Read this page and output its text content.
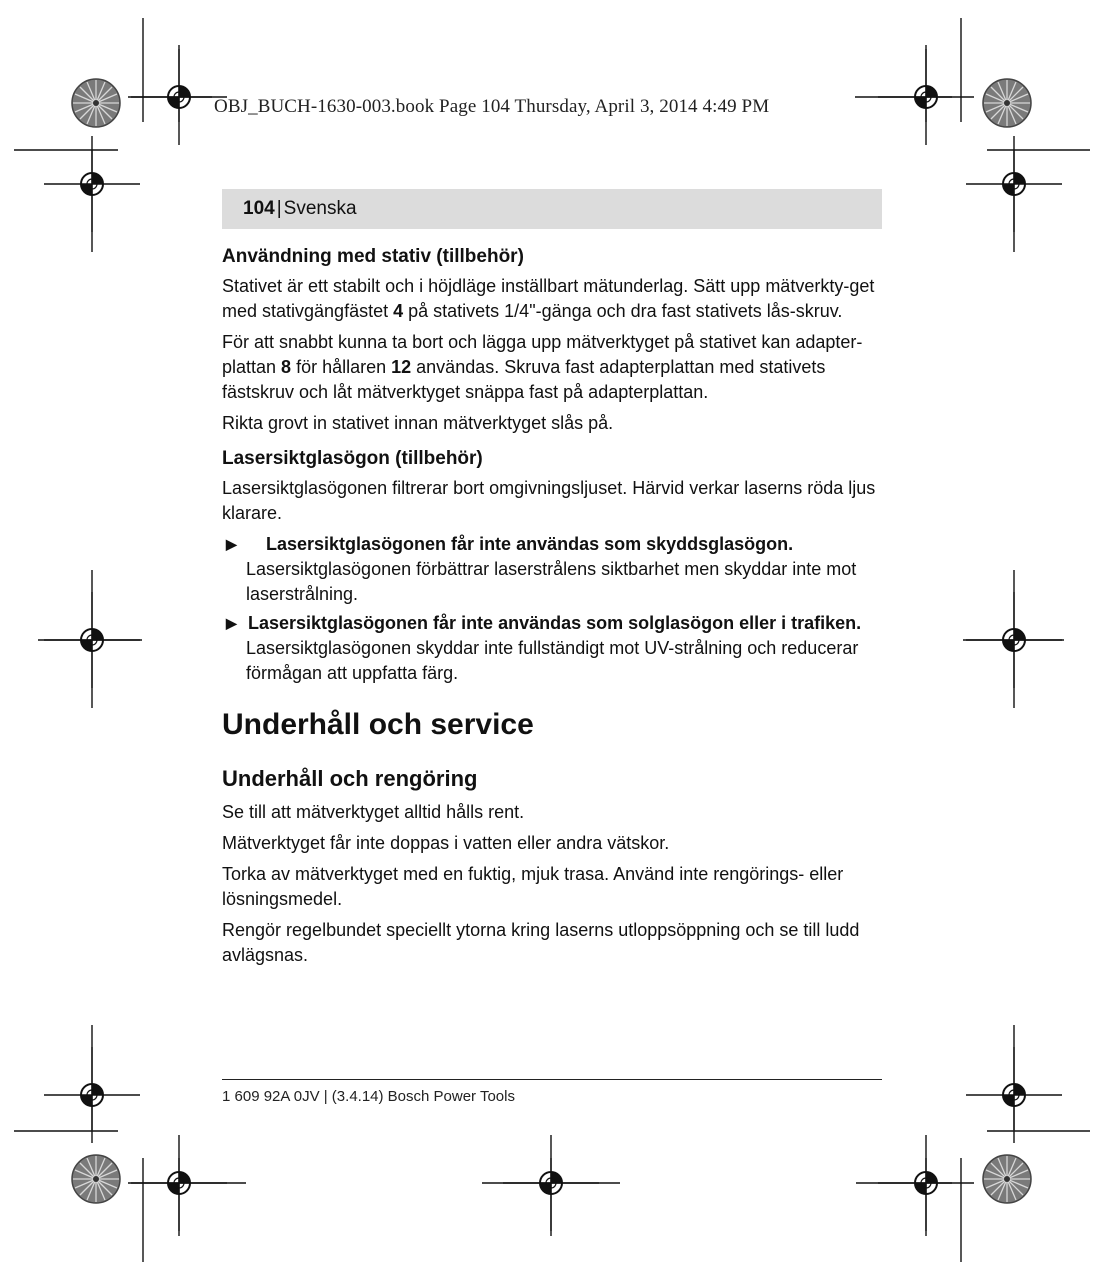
OBJ_BUCH-1630-003.book Page 104 Thursday, April 3, 2014 4:49 PM
104 | Svenska
Användning med stativ (tillbehör)

Stativet är ett stabilt och i höjdläge inställbart mätunderlag. Sätt upp mätverkty-get med stativgängfästet 4 på stativets 1/4"-gänga och dra fast stativets lås-skruv.

För att snabbt kunna ta bort och lägga upp mätverktyget på stativet kan adapter-plattan 8 för hållaren 12 användas. Skruva fast adapterplattan med stativets fästskruv och låt mätverktyget snäppa fast på adapterplattan.

Rikta grovt in stativet innan mätverktyget slås på.

Lasersiktglasögon (tillbehör)

Lasersiktglasögonen filtrerar bort omgivningsljuset. Härvid verkar laserns röda ljus klarare.

▶	Lasersiktglasögonen får inte användas som skyddsglasögon.
Lasersiktglasögonen förbättrar laserstrålens siktbarhet men skyddar inte mot laserstrålning.
▶ Lasersiktglasögonen får inte användas som solglasögon eller i trafiken.
Lasersiktglasögonen skyddar inte fullständigt mot UV-strålning och reducerar förmågan att uppfatta färg.
Underhåll och service
Underhåll och rengöring

Se till att mätverktyget alltid hålls rent.

Mätverktyget får inte doppas i vatten eller andra vätskor.

Torka av mätverktyget med en fuktig, mjuk trasa. Använd inte rengörings- eller lösningsmedel.

Rengör regelbundet speciellt ytorna kring laserns utloppsöppning och se till ludd avlägsnas.

1 609 92A 0JV | (3.4.14) Bosch Power Tools
